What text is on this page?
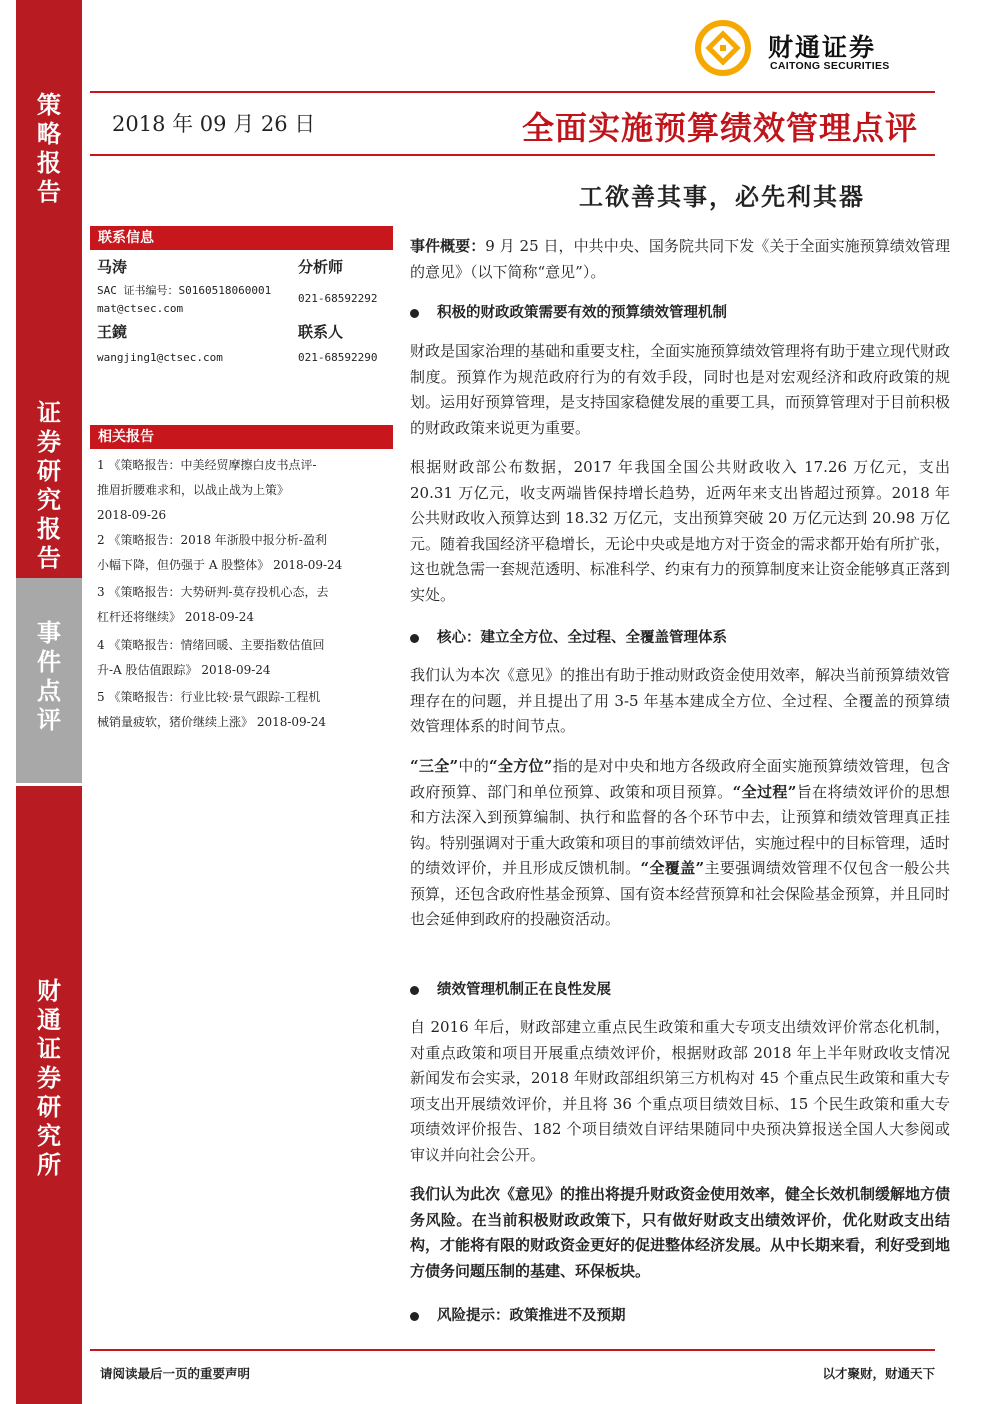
策略报告
证券研究报告
事件点评
财通证券研究所
财通证券
CAITONG SECURITIES
2018 年 09 月 26 日	全面实施预算绩效管理点评
工欲善其事，必先利其器
联系信息
马涛	分析师
SAC 证书编号：S0160518060001
021-68592292
mat@ctsec.com
王鏡	联系人
wangjing1@ctsec.com	021-68592290
相关报告
1 《策略报告：中美经贸摩擦白皮书点评-
推眉折腰难求和，以战止战为上策》
2018-09-26
2 《策略报告：2018 年浙股中报分析-盈利
小幅下降，但仍强于 A 股整体》 2018-09-24
3 《策略报告：大势研判-莫存投机心态，去
杠杆还将继续》 2018-09-24
4 《策略报告：情绪回暖、主要指数估值回
升-A 股估值跟踪》 2018-09-24
5 《策略报告：行业比较·景气跟踪-工程机
械销量疲软，猪价继续上涨》 2018-09-24
事件概要：9 月 25 日，中共中央、国务院共同下发《关于全面实施预算绩效管理的意见》（以下简称“意见”）。
积极的财政政策需要有效的预算绩效管理机制
财政是国家治理的基础和重要支柱，全面实施预算绩效管理将有助于建立现代财政制度。预算作为规范政府行为的有效手段，同时也是对宏观经济和政府政策的规划。运用好预算管理，是支持国家稳健发展的重要工具，而预算管理对于目前积极的财政政策来说更为重要。
根据财政部公布数据，2017 年我国全国公共财政收入 17.26 万亿元，支出 20.31 万亿元，收支两端皆保持增长趋势，近两年来支出皆超过预算。2018 年公共财政收入预算达到 18.32 万亿元，支出预算突破 20 万亿元达到 20.98 万亿元。随着我国经济平稳增长，无论中央或是地方对于资金的需求都开始有所扩张，这也就急需一套规范透明、标准科学、约束有力的预算制度来让资金能够真正落到实处。
核心：建立全方位、全过程、全覆盖管理体系
我们认为本次《意见》的推出有助于推动财政资金使用效率，解决当前预算绩效管理存在的问题，并且提出了用 3-5 年基本建成全方位、全过程、全覆盖的预算绩效管理体系的时间节点。
“三全”中的“全方位”指的是对中央和地方各级政府全面实施预算绩效管理，包含政府预算、部门和单位预算、政策和项目预算。“全过程”旨在将绩效评价的思想和方法深入到预算编制、执行和监督的各个环节中去，让预算和绩效管理真正挂钩。特别强调对于重大政策和项目的事前绩效评估，实施过程中的目标管理，适时的绩效评价，并且形成反馈机制。“全覆盖”主要强调绩效管理不仅包含一般公共预算，还包含政府性基金预算、国有资本经营预算和社会保险基金预算，并且同时也会延伸到政府的投融资活动。
绩效管理机制正在良性发展
自 2016 年后，财政部建立重点民生政策和重大专项支出绩效评价常态化机制，对重点政策和项目开展重点绩效评价，根据财政部 2018 年上半年财政收支情况新闻发布会实录，2018 年财政部组织第三方机构对 45 个重点民生政策和重大专项支出开展绩效评价，并且将 36 个重点项目绩效目标、15 个民生政策和重大专项绩效评价报告、182 个项目绩效自评结果随同中央预决算报送全国人大参阅或审议并向社会公开。
我们认为此次《意见》的推出将提升财政资金使用效率，健全长效机制缓解地方债务风险。在当前积极财政政策下，只有做好财政支出绩效评价，优化财政支出结构，才能将有限的财政资金更好的促进整体经济发展。从中长期来看，利好受到地方债务问题压制的基建、环保板块。
风险提示：政策推进不及预期
请阅读最后一页的重要声明	以才聚财，财通天下
